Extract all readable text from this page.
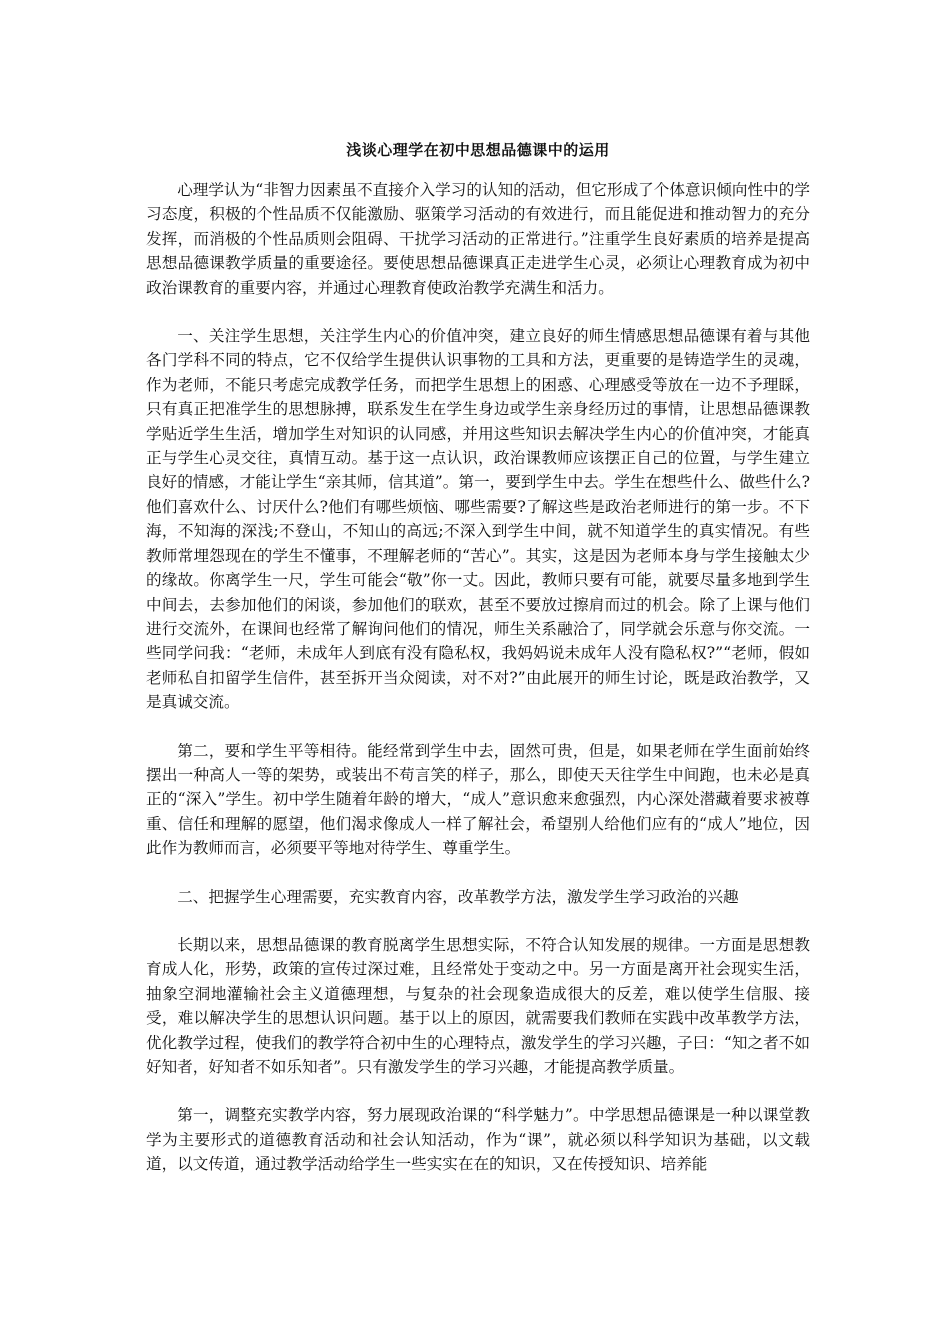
浅谈心理学在初中思想品德课中的运用

心理学认为“非智力因素虽不直接介入学习的认知的活动，但它形成了个体意识倾向性中的学习态度，积极的个性品质不仅能激励、驱策学习活动的有效进行，而且能促进和推动智力的充分发挥，而消极的个性品质则会阻碍、干扰学习活动的正常进行。”注重学生良好素质的培养是提高思想品德课教学质量的重要途径。要使思想品德课真正走进学生心灵，必须让心理教育成为初中政治课教育的重要内容，并通过心理教育使政治教学充满生和活力。

一、关注学生思想，关注学生内心的价值冲突，建立良好的师生情感思想品德课有着与其他各门学科不同的特点，它不仅给学生提供认识事物的工具和方法，更重要的是铸造学生的灵魂，作为老师，不能只考虑完成教学任务，而把学生思想上的困惑、心理感受等放在一边不予理睬，只有真正把准学生的思想脉搏，联系发生在学生身边或学生亲身经历过的事情，让思想品德课教学贴近学生生活，增加学生对知识的认同感，并用这些知识去解决学生内心的价值冲突，才能真正与学生心灵交往，真情互动。基于这一点认识，政治课教师应该摆正自己的位置，与学生建立良好的情感，才能让学生“亲其师，信其道”。第一，要到学生中去。学生在想些什么、做些什么?他们喜欢什么、讨厌什么?他们有哪些烦恼、哪些需要?了解这些是政治老师进行的第一步。不下海，不知海的深浅;不登山，不知山的高远;不深入到学生中间，就不知道学生的真实情况。有些教师常埋怨现在的学生不懂事，不理解老师的“苦心”。其实，这是因为老师本身与学生接触太少的缘故。你离学生一尺，学生可能会“敬”你一丈。因此，教师只要有可能，就要尽量多地到学生中间去，去参加他们的闲谈，参加他们的联欢，甚至不要放过擦肩而过的机会。除了上课与他们进行交流外，在课间也经常了解询问他们的情况，师生关系融洽了，同学就会乐意与你交流。一些同学问我：“老师，未成年人到底有没有隐私权，我妈妈说未成年人没有隐私权?”“老师，假如老师私自扣留学生信件，甚至拆开当众阅读，对不对?”由此展开的师生讨论，既是政治教学，又是真诚交流。

第二，要和学生平等相待。能经常到学生中去，固然可贵，但是，如果老师在学生面前始终摆出一种高人一等的架势，或装出不苟言笑的样子，那么，即使天天往学生中间跑，也未必是真正的“深入”学生。初中学生随着年龄的增大，“成人”意识愈来愈强烈，内心深处潜藏着要求被尊重、信任和理解的愿望，他们渴求像成人一样了解社会，希望别人给他们应有的“成人”地位，因此作为教师而言，必须要平等地对待学生、尊重学生。

二、把握学生心理需要，充实教育内容，改革教学方法，激发学生学习政治的兴趣

长期以来，思想品德课的教育脱离学生思想实际，不符合认知发展的规律。一方面是思想教育成人化，形势，政策的宣传过深过难，且经常处于变动之中。另一方面是离开社会现实生活，抽象空洞地灌输社会主义道德理想，与复杂的社会现象造成很大的反差，难以使学生信服、接受，难以解决学生的思想认识问题。基于以上的原因，就需要我们教师在实践中改革教学方法，优化教学过程，使我们的教学符合初中生的心理特点，激发学生的学习兴趣，子曰：“知之者不如好知者，好知者不如乐知者”。只有激发学生的学习兴趣，才能提高教学质量。

第一，调整充实教学内容，努力展现政治课的“科学魅力”。中学思想品德课是一种以课堂教学为主要形式的道德教育活动和社会认知活动，作为“课”，就必须以科学知识为基础，以文载道，以文传道，通过教学活动给学生一些实实在在的知识，又在传授知识、培养能
